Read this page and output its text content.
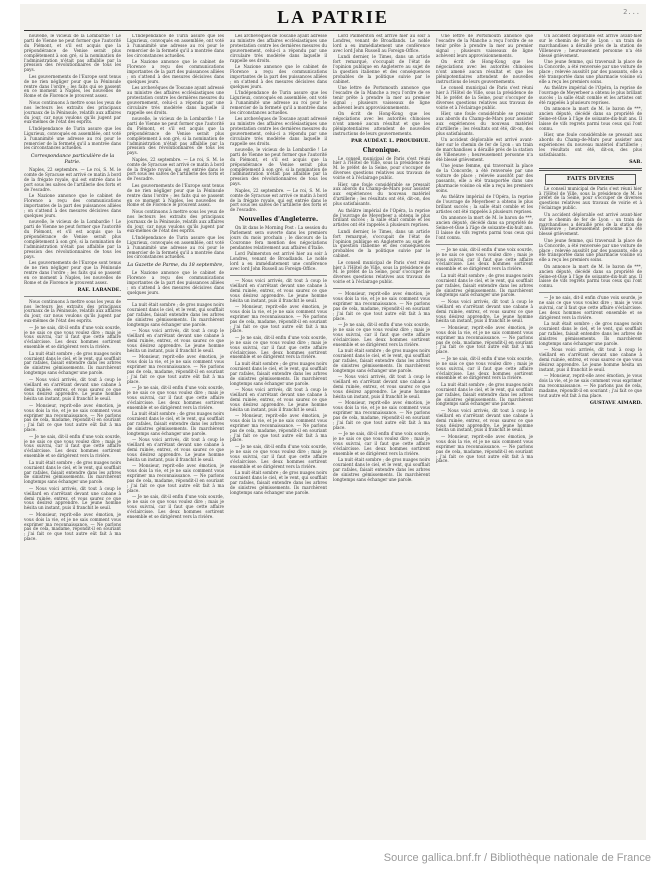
LA PATRIE	2...

nouvelle, le vicieux de la Lombardie ! Le parti de Vienne ne peut former que l'autorité du Piémont, et s'il est acquis que la prépondérance de Venise serait plus complètement à son gré, si la nomination de l'administration n'était pas affaiblie par la pression des révolutionnaires de tous les pays.

Les gouvernements de l'Europe sont tenus de ne rien négliger pour que la Péninsule rentre dans l'ordre ; les faits qui se passent en ce moment à Naples, les nouvelles de Rome et de Florence le prouvent assez.

Nous continuons à mettre sous les yeux de nos lecteurs les extraits des principaux journaux de la Péninsule, relatifs aux affaires du jour, car nous voulons qu'ils jugent par eux-mêmes de l'état des esprits.

L'Indépendance de Turin assure que les Ligurieux, convoqués en assemblée, ont voté à l'unanimité une adresse au roi pour le remercier de la fermeté qu'il a montrée dans les circonstances actuelles.

Correspondance particulière de la Patrie.

Naples, 22 septembre. — Le roi, S. M. le comte de Syracuse est arrivé ce matin à bord de la frégate royale, qui est entrée dans le port sous les salves de l'artillerie des forts et de l'escadre.

Le Nazione annonce que le cabinet de Florence a reçu des communications importantes de la part des puissances alliées ; on s'attend à des mesures décisives dans quelques jours.

nouvelle, le vicieux de la Lombardie ! Le parti de Vienne ne peut former que l'autorité du Piémont, et s'il est acquis que la prépondérance de Venise serait plus complètement à son gré, si la nomination de l'administration n'était pas affaiblie par la pression des révolutionnaires de tous les pays.

Les gouvernements de l'Europe sont tenus de ne rien négliger pour que la Péninsule rentre dans l'ordre ; les faits qui se passent en ce moment à Naples, les nouvelles de Rome et de Florence le prouvent assez.

RAE. LABANDE.

Nous continuons à mettre sous les yeux de nos lecteurs les extraits des principaux journaux de la Péninsule, relatifs aux affaires du jour, car nous voulons qu'ils jugent par eux-mêmes de l'état des esprits.

— Je ne sais, dit-il enfin d'une voix sourde, je ne sais ce que vous voulez dire ; mais je vous suivrai, car il faut que cette affaire s'éclaircisse. Les deux hommes sortirent ensemble et se dirigèrent vers la rivière.

La nuit était sombre ; de gros nuages noirs couraient dans le ciel, et le vent, qui soufflait par rafales, faisait entendre dans les arbres de sinistres gémissements. Ils marchèrent longtemps sans échanger une parole.

— Nous voici arrivés, dit tout à coup le vieillard en s'arrêtant devant une cabane à demi ruinée, entrez, et vous saurez ce que vous désirez apprendre. Le jeune homme hésita un instant, puis il franchit le seuil.

— Monsieur, reprit-elle avec émotion, je vous dois la vie, et je ne sais comment vous exprimer ma reconnaissance. — Ne parlons pas de cela, madame, répondit-il en souriant ; j'ai fait ce que tout autre eût fait à ma place.

— Je ne sais, dit-il enfin d'une voix sourde, je ne sais ce que vous voulez dire ; mais je vous suivrai, car il faut que cette affaire s'éclaircisse. Les deux hommes sortirent ensemble et se dirigèrent vers la rivière.

La nuit était sombre ; de gros nuages noirs couraient dans le ciel, et le vent, qui soufflait par rafales, faisait entendre dans les arbres de sinistres gémissements. Ils marchèrent longtemps sans échanger une parole.

— Nous voici arrivés, dit tout à coup le vieillard en s'arrêtant devant une cabane à demi ruinée, entrez, et vous saurez ce que vous désirez apprendre. Le jeune homme hésita un instant, puis il franchit le seuil.

— Monsieur, reprit-elle avec émotion, je vous dois la vie, et je ne sais comment vous exprimer ma reconnaissance. — Ne parlons pas de cela, madame, répondit-il en souriant ; j'ai fait ce que tout autre eût fait à ma place.

L'Indépendance de Turin assure que les Ligurieux, convoqués en assemblée, ont voté à l'unanimité une adresse au roi pour le remercier de la fermeté qu'il a montrée dans les circonstances actuelles.

Le Nazione annonce que le cabinet de Florence a reçu des communications importantes de la part des puissances alliées ; on s'attend à des mesures décisives dans quelques jours.

Les archevêques de Toscane ayant adressé au ministre des affaires ecclésiastiques une protestation contre les dernières mesures du gouvernement, celui-ci a répondu par une circulaire très modérée dans laquelle il rappelle ses droits.

nouvelle, le vicieux de la Lombardie ! Le parti de Vienne ne peut former que l'autorité du Piémont, et s'il est acquis que la prépondérance de Venise serait plus complètement à son gré, si la nomination de l'administration n'était pas affaiblie par la pression des révolutionnaires de tous les pays.

Naples, 22 septembre. — Le roi, S. M. le comte de Syracuse est arrivé ce matin à bord de la frégate royale, qui est entrée dans le port sous les salves de l'artillerie des forts et de l'escadre.

Les gouvernements de l'Europe sont tenus de ne rien négliger pour que la Péninsule rentre dans l'ordre ; les faits qui se passent en ce moment à Naples, les nouvelles de Rome et de Florence le prouvent assez.

Nous continuons à mettre sous les yeux de nos lecteurs les extraits des principaux journaux de la Péninsule, relatifs aux affaires du jour, car nous voulons qu'ils jugent par eux-mêmes de l'état des esprits.

L'Indépendance de Turin assure que les Ligurieux, convoqués en assemblée, ont voté à l'unanimité une adresse au roi pour le remercier de la fermeté qu'il a montrée dans les circonstances actuelles.

La Gazette de Parme, du 18 septembre,

Le Nazione annonce que le cabinet de Florence a reçu des communications importantes de la part des puissances alliées ; on s'attend à des mesures décisives dans quelques jours.

La nuit était sombre ; de gros nuages noirs couraient dans le ciel, et le vent, qui soufflait par rafales, faisait entendre dans les arbres de sinistres gémissements. Ils marchèrent longtemps sans échanger une parole.

— Nous voici arrivés, dit tout à coup le vieillard en s'arrêtant devant une cabane à demi ruinée, entrez, et vous saurez ce que vous désirez apprendre. Le jeune homme hésita un instant, puis il franchit le seuil.

— Monsieur, reprit-elle avec émotion, je vous dois la vie, et je ne sais comment vous exprimer ma reconnaissance. — Ne parlons pas de cela, madame, répondit-il en souriant ; j'ai fait ce que tout autre eût fait à ma place.

— Je ne sais, dit-il enfin d'une voix sourde, je ne sais ce que vous voulez dire ; mais je vous suivrai, car il faut que cette affaire s'éclaircisse. Les deux hommes sortirent ensemble et se dirigèrent vers la rivière.

La nuit était sombre ; de gros nuages noirs couraient dans le ciel, et le vent, qui soufflait par rafales, faisait entendre dans les arbres de sinistres gémissements. Ils marchèrent longtemps sans échanger une parole.

— Nous voici arrivés, dit tout à coup le vieillard en s'arrêtant devant une cabane à demi ruinée, entrez, et vous saurez ce que vous désirez apprendre. Le jeune homme hésita un instant, puis il franchit le seuil.

— Monsieur, reprit-elle avec émotion, je vous dois la vie, et je ne sais comment vous exprimer ma reconnaissance. — Ne parlons pas de cela, madame, répondit-il en souriant ; j'ai fait ce que tout autre eût fait à ma place.

— Je ne sais, dit-il enfin d'une voix sourde, je ne sais ce que vous voulez dire ; mais je vous suivrai, car il faut que cette affaire s'éclaircisse. Les deux hommes sortirent ensemble et se dirigèrent vers la rivière.

Les archevêques de Toscane ayant adressé au ministre des affaires ecclésiastiques une protestation contre les dernières mesures du gouvernement, celui-ci a répondu par une circulaire très modérée dans laquelle il rappelle ses droits.

Le Nazione annonce que le cabinet de Florence a reçu des communications importantes de la part des puissances alliées ; on s'attend à des mesures décisives dans quelques jours.

L'Indépendance de Turin assure que les Ligurieux, convoqués en assemblée, ont voté à l'unanimité une adresse au roi pour le remercier de la fermeté qu'il a montrée dans les circonstances actuelles.

Les archevêques de Toscane ayant adressé au ministre des affaires ecclésiastiques une protestation contre les dernières mesures du gouvernement, celui-ci a répondu par une circulaire très modérée dans laquelle il rappelle ses droits.

nouvelle, le vicieux de la Lombardie ! Le parti de Vienne ne peut former que l'autorité du Piémont, et s'il est acquis que la prépondérance de Venise serait plus complètement à son gré, si la nomination de l'administration n'était pas affaiblie par la pression des révolutionnaires de tous les pays.

Naples, 22 septembre. — Le roi, S. M. le comte de Syracuse est arrivé ce matin à bord de la frégate royale, qui est entrée dans le port sous les salves de l'artillerie des forts et de l'escadre.

Nouvelles d'Angleterre.

On lit dans le Morning Post : La session du Parlement sera ouverte dans les premiers jours du mois prochain ; le discours de la Couronne fera mention des négociations pendantes relativement aux affaires d'Italie.

Lord Palmerston est arrivé hier au soir à Londres, venant de Broadlands. Le noble lord a eu immédiatement une conférence avec lord John Russell au Foreign-Office.

— Nous voici arrivés, dit tout à coup le vieillard en s'arrêtant devant une cabane à demi ruinée, entrez, et vous saurez ce que vous désirez apprendre. Le jeune homme hésita un instant, puis il franchit le seuil.

— Monsieur, reprit-elle avec émotion, je vous dois la vie, et je ne sais comment vous exprimer ma reconnaissance. — Ne parlons pas de cela, madame, répondit-il en souriant ; j'ai fait ce que tout autre eût fait à ma place.

— Je ne sais, dit-il enfin d'une voix sourde, je ne sais ce que vous voulez dire ; mais je vous suivrai, car il faut que cette affaire s'éclaircisse. Les deux hommes sortirent ensemble et se dirigèrent vers la rivière.

La nuit était sombre ; de gros nuages noirs couraient dans le ciel, et le vent, qui soufflait par rafales, faisait entendre dans les arbres de sinistres gémissements. Ils marchèrent longtemps sans échanger une parole.

— Nous voici arrivés, dit tout à coup le vieillard en s'arrêtant devant une cabane à demi ruinée, entrez, et vous saurez ce que vous désirez apprendre. Le jeune homme hésita un instant, puis il franchit le seuil.

— Monsieur, reprit-elle avec émotion, je vous dois la vie, et je ne sais comment vous exprimer ma reconnaissance. — Ne parlons pas de cela, madame, répondit-il en souriant ; j'ai fait ce que tout autre eût fait à ma place.

— Je ne sais, dit-il enfin d'une voix sourde, je ne sais ce que vous voulez dire ; mais je vous suivrai, car il faut que cette affaire s'éclaircisse. Les deux hommes sortirent ensemble et se dirigèrent vers la rivière.

La nuit était sombre ; de gros nuages noirs couraient dans le ciel, et le vent, qui soufflait par rafales, faisait entendre dans les arbres de sinistres gémissements. Ils marchèrent longtemps sans échanger une parole.

Lord Palmerston est arrivé hier au soir à Londres, venant de Broadlands. Le noble lord a eu immédiatement une conférence avec lord John Russell au Foreign-Office.

Lundi dernier, le Times, dans un article fort remarqué, s'occupait de l'état de l'opinion publique en Angleterre au sujet de la question italienne et des conséquences probables de la politique suivie par le cabinet.

Une lettre de Portsmouth annonce que l'escadre de la Manche a reçu l'ordre de se tenir prête à prendre la mer au premier signal ; plusieurs vaisseaux de ligne achèvent leurs approvisionnements.

On écrit de Hong-Kong que les négociations avec les autorités chinoises n'ont amené aucun résultat et que les plénipotentiaires attendent de nouvelles instructions de leurs gouvernements.

PAR AUDÉAT. L. PROUDHUE.
Chronique.

Le conseil municipal de Paris s'est réuni hier à l'Hôtel de Ville, sous la présidence de M. le préfet de la Seine, pour s'occuper de diverses questions relatives aux travaux de voirie et à l'éclairage public.

Hier, une foule considérable se pressait aux abords du Champ-de-Mars pour assister aux expériences du nouveau matériel d'artillerie ; les résultats ont été, dit-on, des plus satisfaisants.

Au théâtre impérial de l'Opéra, la reprise de l'ouvrage de Meyerbeer a obtenu le plus brillant succès ; la salle était comble et les artistes ont été rappelés à plusieurs reprises.

Lundi dernier, le Times, dans un article fort remarqué, s'occupait de l'état de l'opinion publique en Angleterre au sujet de la question italienne et des conséquences probables de la politique suivie par le cabinet.

Le conseil municipal de Paris s'est réuni hier à l'Hôtel de Ville, sous la présidence de M. le préfet de la Seine, pour s'occuper de diverses questions relatives aux travaux de voirie et à l'éclairage public.

— Monsieur, reprit-elle avec émotion, je vous dois la vie, et je ne sais comment vous exprimer ma reconnaissance. — Ne parlons pas de cela, madame, répondit-il en souriant ; j'ai fait ce que tout autre eût fait à ma place.

— Je ne sais, dit-il enfin d'une voix sourde, je ne sais ce que vous voulez dire ; mais je vous suivrai, car il faut que cette affaire s'éclaircisse. Les deux hommes sortirent ensemble et se dirigèrent vers la rivière.

La nuit était sombre ; de gros nuages noirs couraient dans le ciel, et le vent, qui soufflait par rafales, faisait entendre dans les arbres de sinistres gémissements. Ils marchèrent longtemps sans échanger une parole.

— Nous voici arrivés, dit tout à coup le vieillard en s'arrêtant devant une cabane à demi ruinée, entrez, et vous saurez ce que vous désirez apprendre. Le jeune homme hésita un instant, puis il franchit le seuil.

— Monsieur, reprit-elle avec émotion, je vous dois la vie, et je ne sais comment vous exprimer ma reconnaissance. — Ne parlons pas de cela, madame, répondit-il en souriant ; j'ai fait ce que tout autre eût fait à ma place.

— Je ne sais, dit-il enfin d'une voix sourde, je ne sais ce que vous voulez dire ; mais je vous suivrai, car il faut que cette affaire s'éclaircisse. Les deux hommes sortirent ensemble et se dirigèrent vers la rivière.

La nuit était sombre ; de gros nuages noirs couraient dans le ciel, et le vent, qui soufflait par rafales, faisait entendre dans les arbres de sinistres gémissements. Ils marchèrent longtemps sans échanger une parole.

Une lettre de Portsmouth annonce que l'escadre de la Manche a reçu l'ordre de se tenir prête à prendre la mer au premier signal ; plusieurs vaisseaux de ligne achèvent leurs approvisionnements.

On écrit de Hong-Kong que les négociations avec les autorités chinoises n'ont amené aucun résultat et que les plénipotentiaires attendent de nouvelles instructions de leurs gouvernements.

Le conseil municipal de Paris s'est réuni hier à l'Hôtel de Ville, sous la présidence de M. le préfet de la Seine, pour s'occuper de diverses questions relatives aux travaux de voirie et à l'éclairage public.

Hier, une foule considérable se pressait aux abords du Champ-de-Mars pour assister aux expériences du nouveau matériel d'artillerie ; les résultats ont été, dit-on, des plus satisfaisants.

Un accident déplorable est arrivé avant-hier sur le chemin de fer de Lyon : un train de marchandises a déraillé près de la station de Villeneuve ; heureusement personne n'a été blessé grièvement.

Une jeune femme, qui traversait la place de la Concorde, a été renversée par une voiture de place ; relevée aussitôt par des passants, elle a été transportée dans une pharmacie voisine où elle a reçu les premiers soins.

Au théâtre impérial de l'Opéra, la reprise de l'ouvrage de Meyerbeer a obtenu le plus brillant succès ; la salle était comble et les artistes ont été rappelés à plusieurs reprises.

On annonce la mort de M. le baron de ***, ancien député, décédé dans sa propriété de Seine-et-Oise à l'âge de soixante-dix-huit ans. Il laisse de vifs regrets parmi tous ceux qui l'ont connu.

— Je ne sais, dit-il enfin d'une voix sourde, je ne sais ce que vous voulez dire ; mais je vous suivrai, car il faut que cette affaire s'éclaircisse. Les deux hommes sortirent ensemble et se dirigèrent vers la rivière.

La nuit était sombre ; de gros nuages noirs couraient dans le ciel, et le vent, qui soufflait par rafales, faisait entendre dans les arbres de sinistres gémissements. Ils marchèrent longtemps sans échanger une parole.

— Nous voici arrivés, dit tout à coup le vieillard en s'arrêtant devant une cabane à demi ruinée, entrez, et vous saurez ce que vous désirez apprendre. Le jeune homme hésita un instant, puis il franchit le seuil.

— Monsieur, reprit-elle avec émotion, je vous dois la vie, et je ne sais comment vous exprimer ma reconnaissance. — Ne parlons pas de cela, madame, répondit-il en souriant ; j'ai fait ce que tout autre eût fait à ma place.

— Je ne sais, dit-il enfin d'une voix sourde, je ne sais ce que vous voulez dire ; mais je vous suivrai, car il faut que cette affaire s'éclaircisse. Les deux hommes sortirent ensemble et se dirigèrent vers la rivière.

La nuit était sombre ; de gros nuages noirs couraient dans le ciel, et le vent, qui soufflait par rafales, faisait entendre dans les arbres de sinistres gémissements. Ils marchèrent longtemps sans échanger une parole.

— Nous voici arrivés, dit tout à coup le vieillard en s'arrêtant devant une cabane à demi ruinée, entrez, et vous saurez ce que vous désirez apprendre. Le jeune homme hésita un instant, puis il franchit le seuil.

— Monsieur, reprit-elle avec émotion, je vous dois la vie, et je ne sais comment vous exprimer ma reconnaissance. — Ne parlons pas de cela, madame, répondit-il en souriant ; j'ai fait ce que tout autre eût fait à ma place.

Un accident déplorable est arrivé avant-hier sur le chemin de fer de Lyon : un train de marchandises a déraillé près de la station de Villeneuve ; heureusement personne n'a été blessé grièvement.

Une jeune femme, qui traversait la place de la Concorde, a été renversée par une voiture de place ; relevée aussitôt par des passants, elle a été transportée dans une pharmacie voisine où elle a reçu les premiers soins.

Au théâtre impérial de l'Opéra, la reprise de l'ouvrage de Meyerbeer a obtenu le plus brillant succès ; la salle était comble et les artistes ont été rappelés à plusieurs reprises.

On annonce la mort de M. le baron de ***, ancien député, décédé dans sa propriété de Seine-et-Oise à l'âge de soixante-dix-huit ans. Il laisse de vifs regrets parmi tous ceux qui l'ont connu.

Hier, une foule considérable se pressait aux abords du Champ-de-Mars pour assister aux expériences du nouveau matériel d'artillerie ; les résultats ont été, dit-on, des plus satisfaisants.

SAB.
FAITS DIVERS

Le conseil municipal de Paris s'est réuni hier à l'Hôtel de Ville, sous la présidence de M. le préfet de la Seine, pour s'occuper de diverses questions relatives aux travaux de voirie et à l'éclairage public.

Un accident déplorable est arrivé avant-hier sur le chemin de fer de Lyon : un train de marchandises a déraillé près de la station de Villeneuve ; heureusement personne n'a été blessé grièvement.

Une jeune femme, qui traversait la place de la Concorde, a été renversée par une voiture de place ; relevée aussitôt par des passants, elle a été transportée dans une pharmacie voisine où elle a reçu les premiers soins.

On annonce la mort de M. le baron de ***, ancien député, décédé dans sa propriété de Seine-et-Oise à l'âge de soixante-dix-huit ans. Il laisse de vifs regrets parmi tous ceux qui l'ont connu.

— Je ne sais, dit-il enfin d'une voix sourde, je ne sais ce que vous voulez dire ; mais je vous suivrai, car il faut que cette affaire s'éclaircisse. Les deux hommes sortirent ensemble et se dirigèrent vers la rivière.

La nuit était sombre ; de gros nuages noirs couraient dans le ciel, et le vent, qui soufflait par rafales, faisait entendre dans les arbres de sinistres gémissements. Ils marchèrent longtemps sans échanger une parole.

— Nous voici arrivés, dit tout à coup le vieillard en s'arrêtant devant une cabane à demi ruinée, entrez, et vous saurez ce que vous désirez apprendre. Le jeune homme hésita un instant, puis il franchit le seuil.

— Monsieur, reprit-elle avec émotion, je vous dois la vie, et je ne sais comment vous exprimer ma reconnaissance. — Ne parlons pas de cela, madame, répondit-il en souriant ; j'ai fait ce que tout autre eût fait à ma place.

GUSTAVE AIMARD.
Source gallica.bnf.fr / Bibliothèque nationale de France
